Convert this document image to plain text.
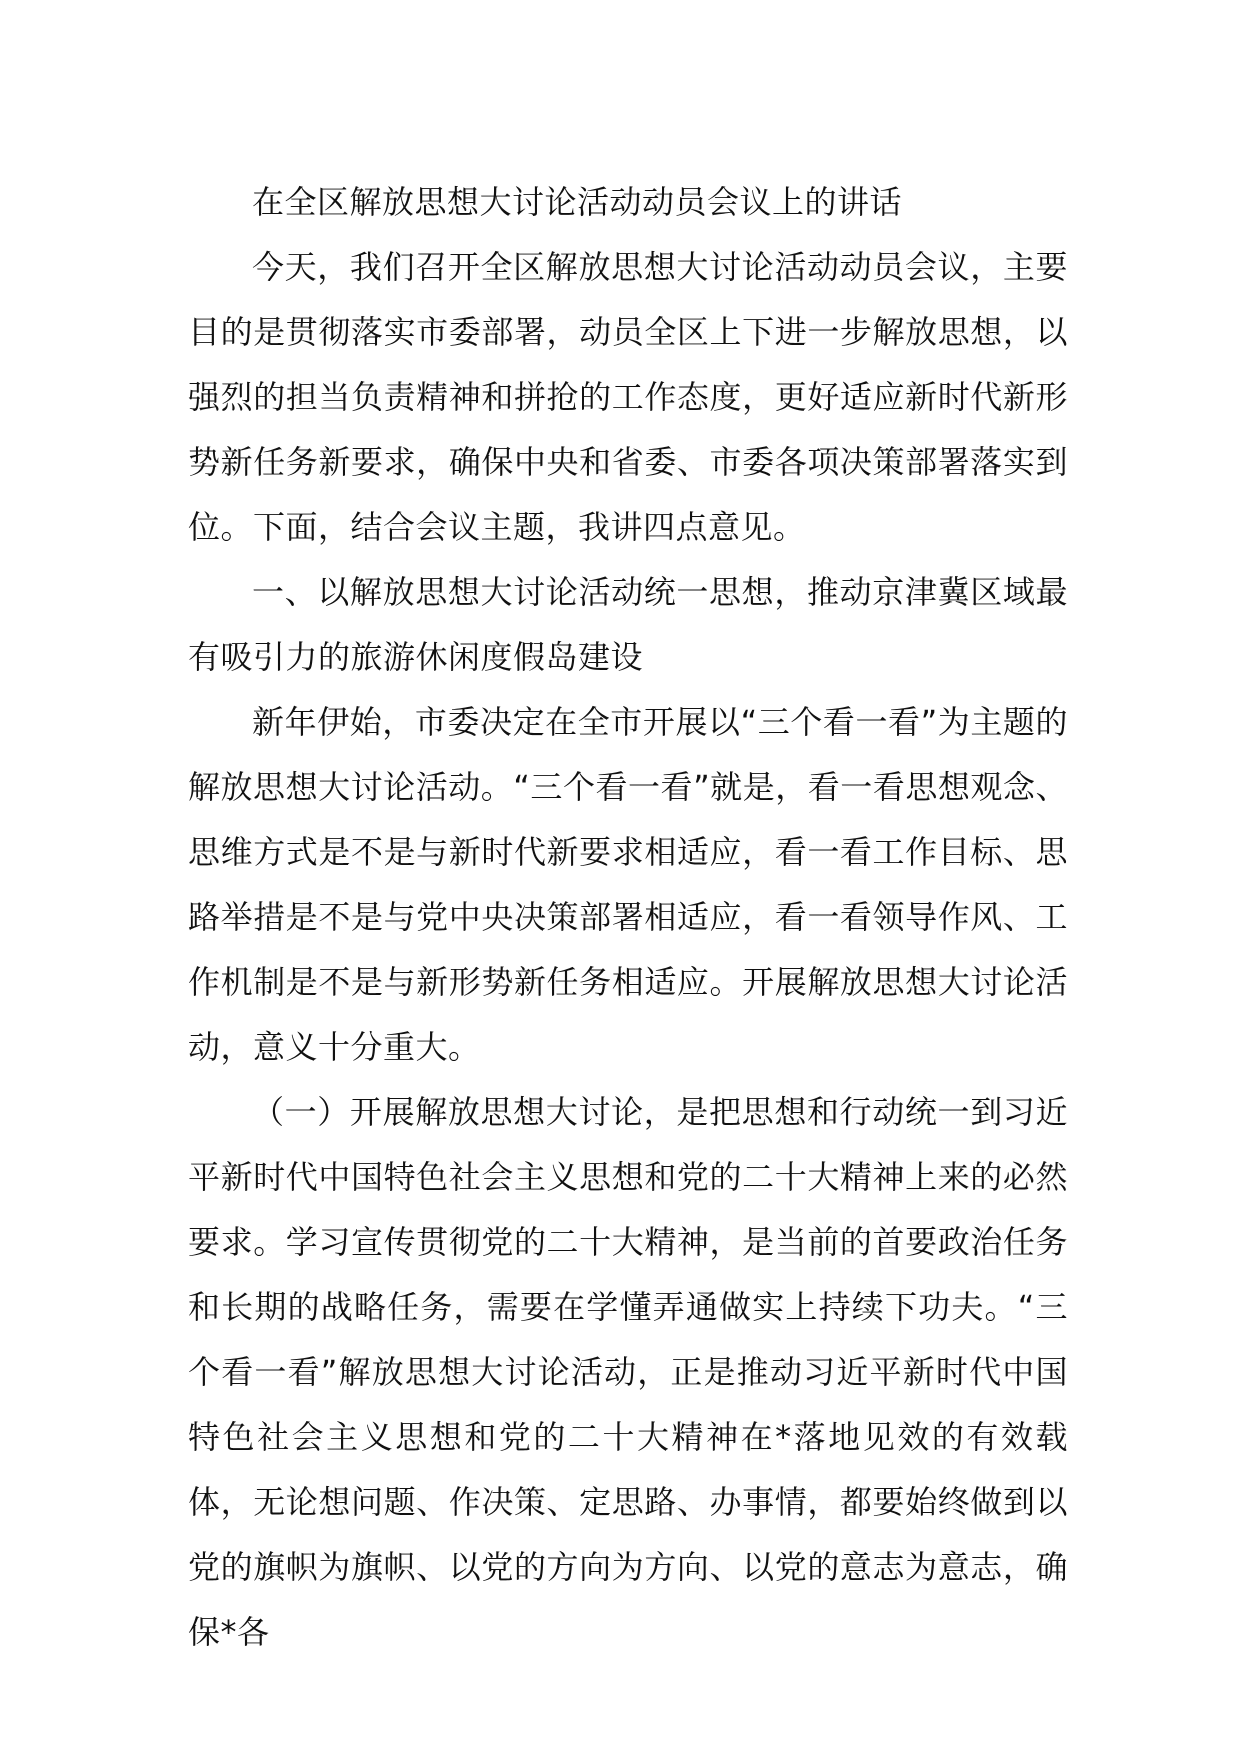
在全区解放思想大讨论活动动员会议上的讲话

今天，我们召开全区解放思想大讨论活动动员会议，主要目的是贯彻落实市委部署，动员全区上下进一步解放思想，以强烈的担当负责精神和拼抢的工作态度，更好适应新时代新形势新任务新要求，确保中央和省委、市委各项决策部署落实到位。下面，结合会议主题，我讲四点意见。

一、以解放思想大讨论活动统一思想，推动京津冀区域最有吸引力的旅游休闲度假岛建设

新年伊始，市委决定在全市开展以“三个看一看”为主题的解放思想大讨论活动。“三个看一看”就是，看一看思想观念、思维方式是不是与新时代新要求相适应，看一看工作目标、思路举措是不是与党中央决策部署相适应，看一看领导作风、工作机制是不是与新形势新任务相适应。开展解放思想大讨论活动，意义十分重大。

（一）开展解放思想大讨论，是把思想和行动统一到习近平新时代中国特色社会主义思想和党的二十大精神上来的必然要求。学习宣传贯彻党的二十大精神，是当前的首要政治任务和长期的战略任务，需要在学懂弄通做实上持续下功夫。“三个看一看”解放思想大讨论活动，正是推动习近平新时代中国特色社会主义思想和党的二十大精神在*落地见效的有效载体，无论想问题、作决策、定思路、办事情，都要始终做到以党的旗帜为旗帜、以党的方向为方向、以党的意志为意志，确保*各
